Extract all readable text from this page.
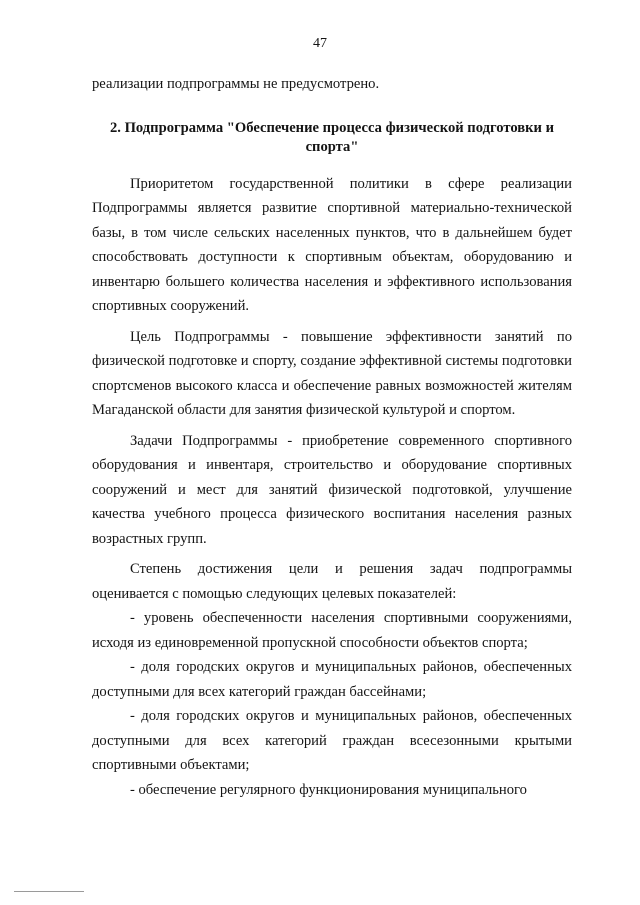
47

реализации подпрограммы не предусмотрено.

2. Подпрограмма "Обеспечение процесса физической подготовки и спорта"

Приоритетом государственной политики в сфере реализации Подпрограммы является развитие спортивной материально-технической базы, в том числе сельских населенных пунктов, что в дальнейшем будет способствовать доступности к спортивным объектам, оборудованию и инвентарю большего количества населения и эффективного использования спортивных сооружений.

Цель Подпрограммы - повышение эффективности занятий по физической подготовке и спорту, создание эффективной системы подготовки спортсменов высокого класса и обеспечение равных возможностей жителям Магаданской области для занятия физической культурой и спортом.

Задачи Подпрограммы - приобретение современного спортивного оборудования и инвентаря, строительство и оборудование спортивных сооружений и мест для занятий физической подготовкой, улучшение качества учебного процесса физического воспитания населения разных возрастных групп.

Степень достижения цели и решения задач подпрограммы оценивается с помощью следующих целевых показателей:

- уровень обеспеченности населения спортивными сооружениями, исходя из единовременной пропускной способности объектов спорта;

- доля городских округов и муниципальных районов, обеспеченных доступными для всех категорий граждан бассейнами;

- доля городских округов и муниципальных районов, обеспеченных доступными для всех категорий граждан всесезонными крытыми спортивными объектами;

- обеспечение регулярного функционирования муниципального
